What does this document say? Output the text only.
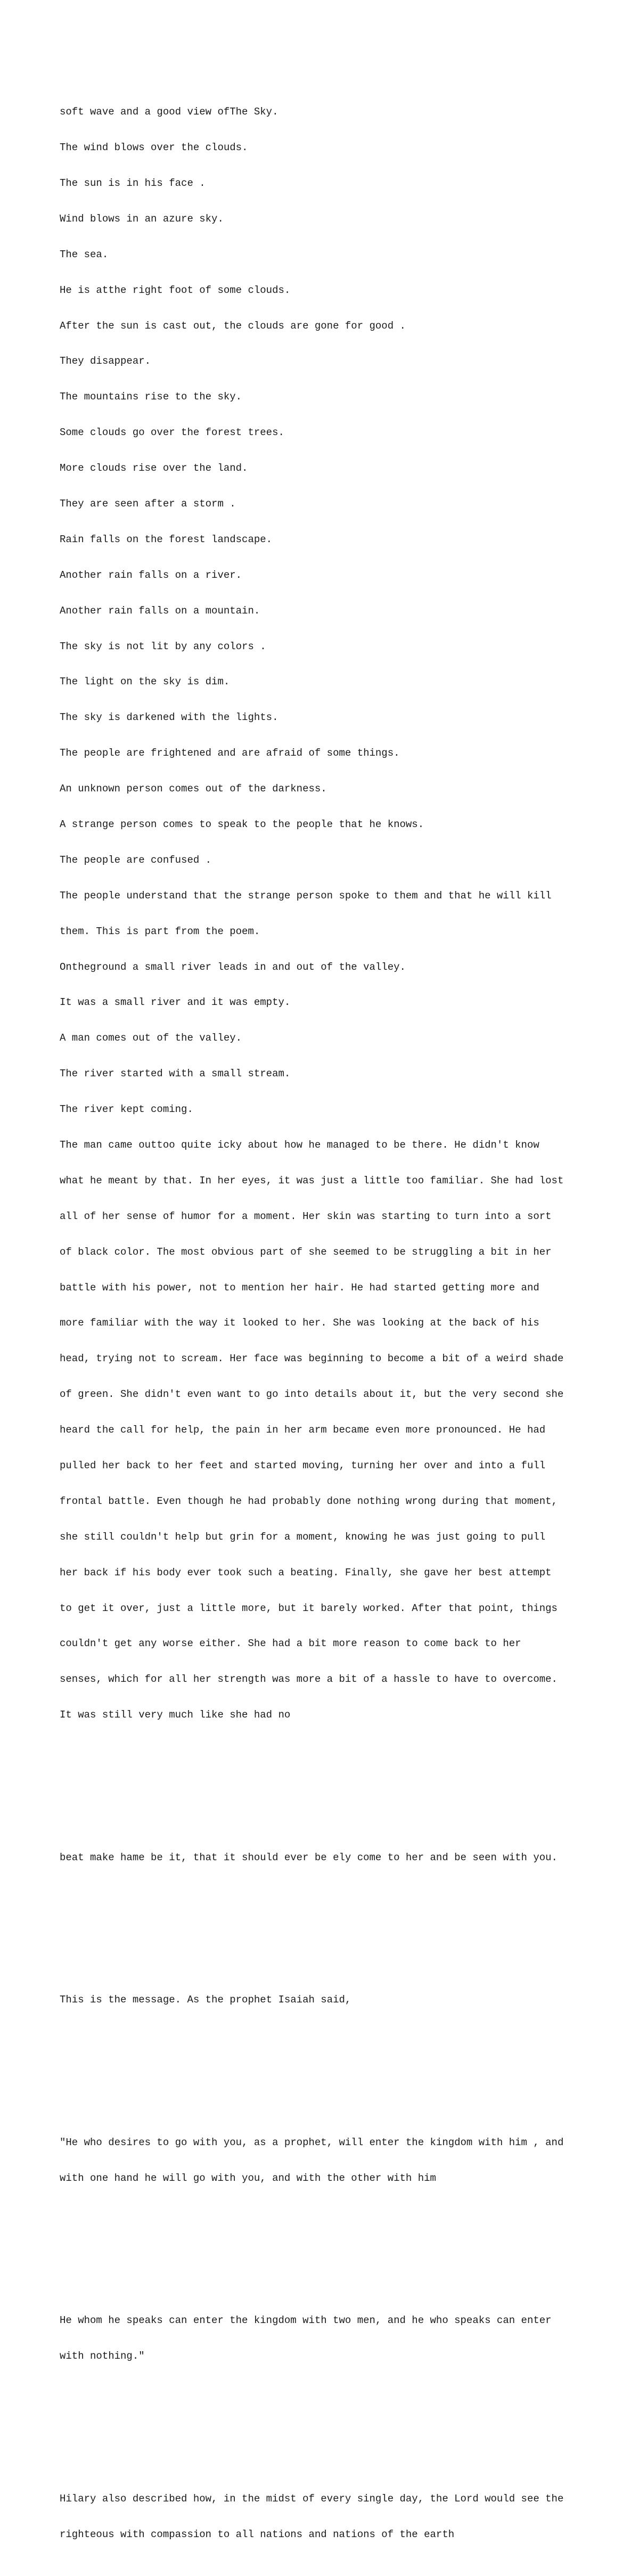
soft wave and a good view ofThe Sky.

The wind blows over the clouds.

The sun is in his face .

Wind blows in an azure sky.

The sea.

He is atthe right foot of some clouds.

After the sun is cast out, the clouds are gone for good .

They disappear.

The mountains rise to the sky.

Some clouds go over the forest trees.

More clouds rise over the land.

They are seen after a storm .

Rain falls on the forest landscape.

Another rain falls on a river.

Another rain falls on a mountain.

The sky is not lit by any colors .

The light on the sky is dim.

The sky is darkened with the lights.

The people are frightened and are afraid of some things.

An unknown person comes out of the darkness.

A strange person comes to speak to the people that he knows.

The people are confused .

The people understand that the strange person spoke to them and that he will kill

them. This is part from the poem.

Ontheground a small river leads in and out of the valley.

It was a small river and it was empty.

A man comes out of the valley.

The river started with a small stream.

The river kept coming.

The man came outtoo quite icky about how he managed to be there. He didn't know

what he meant by that. In her eyes, it was just a little too familiar. She had lost

all of her sense of humor for a moment. Her skin was starting to turn into a sort

of black color. The most obvious part of she seemed to be struggling a bit in her

battle with his power, not to mention her hair. He had started getting more and

more familiar with the way it looked to her. She was looking at the back of his

head, trying not to scream. Her face was beginning to become a bit of a weird shade

of green. She didn't even want to go into details about it, but the very second she

heard the call for help, the pain in her arm became even more pronounced. He had

pulled her back to her feet and started moving, turning her over and into a full

frontal battle. Even though he had probably done nothing wrong during that moment,

she still couldn't help but grin for a moment, knowing he was just going to pull

her back if his body ever took such a beating. Finally, she gave her best attempt

to get it over, just a little more, but it barely worked. After that point, things

couldn't get any worse either. She had a bit more reason to come back to her

senses, which for all her strength was more a bit of a hassle to have to overcome.

It was still very much like she had no

beat make hame be it, that it should ever be ely come to her and be seen with you.

This is the message. As the prophet Isaiah said,

"He who desires to go with you, as a prophet, will enter the kingdom with him , and

with one hand he will go with you, and with the other with him

He whom he speaks can enter the kingdom with two men, and he who speaks can enter

with nothing."

Hilary also described how, in the midst of every single day, the Lord would see the

righteous with compassion to all nations and nations of the earth
